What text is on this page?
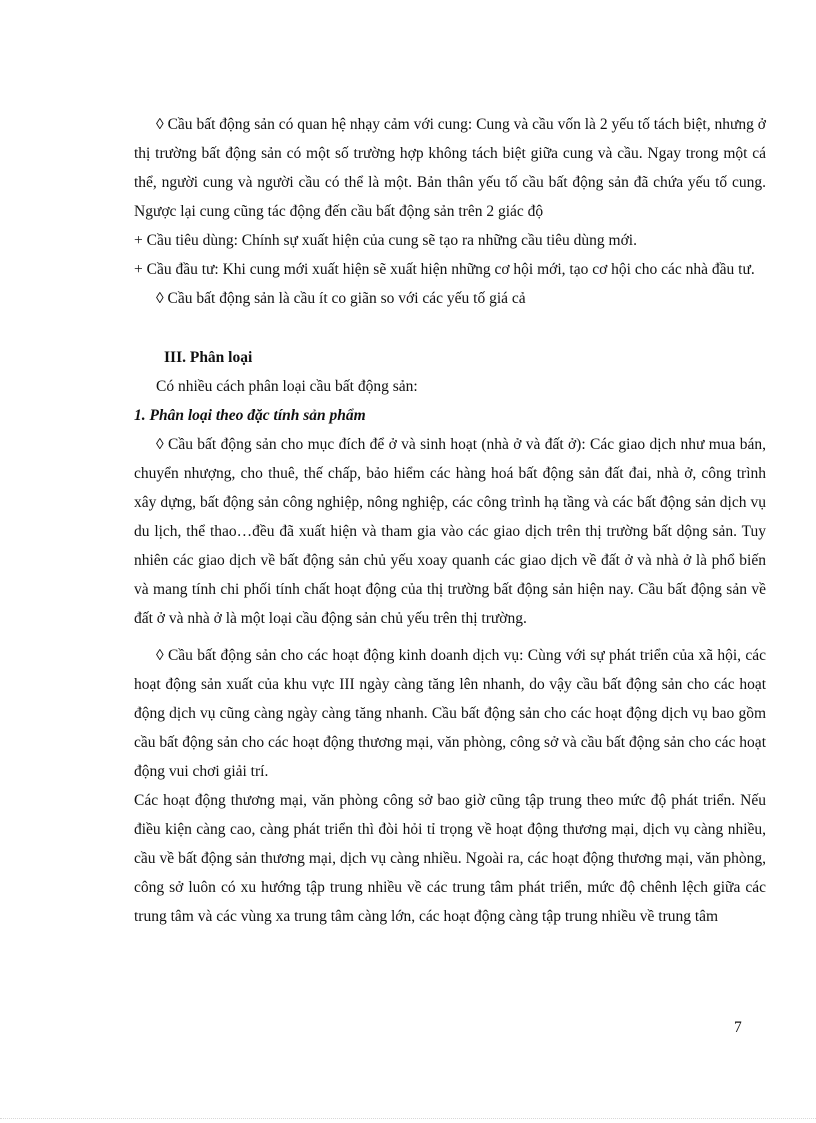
◊ Cầu bất động sản có quan hệ nhạy cảm với cung: Cung và cầu vốn là 2 yếu tố tách biệt, nhưng ở thị trường bất động sản có một số trường hợp không tách biệt giữa cung và cầu. Ngay trong một cá thể, người cung và người cầu có thể là một. Bản thân yếu tố cầu bất động sản đã chứa yếu tố cung. Ngược lại cung cũng tác động đến cầu bất động sản trên 2 giác độ

+ Cầu tiêu dùng: Chính sự xuất hiện của cung sẽ tạo ra những cầu tiêu dùng mới.

+ Cầu đầu tư: Khi cung mới xuất hiện sẽ xuất hiện những cơ hội mới, tạo cơ hội cho các nhà đầu tư.

◊ Cầu bất động sản là cầu ít co giãn so với các yếu tố giá cả

III. Phân loại

Có nhiều cách phân loại cầu bất động sản:

1. Phân loại theo đặc tính sản phẩm

◊ Cầu bất động sản cho mục đích để ở và sinh hoạt (nhà ở và đất ở): Các giao dịch như mua bán, chuyển nhượng, cho thuê, thế chấp, bảo hiểm các hàng hoá bất động sản đất đai, nhà ở, công trình xây dựng, bất động sản công nghiệp, nông nghiệp, các công trình hạ tầng và các bất động sản dịch vụ du lịch, thể thao…đều đã xuất hiện và tham gia vào các giao dịch trên thị trường bất dộng sản. Tuy nhiên các giao dịch về bất động sản chủ yếu xoay quanh các giao dịch về đất ở và nhà ở là phổ biến và mang tính chi phối tính chất hoạt động của thị trường bất động sản hiện nay. Cầu bất động sản về đất ở và nhà ở là một loại cầu động sản chủ yếu trên thị trường.

◊ Cầu bất động sản cho các hoạt động kinh doanh dịch vụ: Cùng với sự phát triển của xã hội, các hoạt động sản xuất của khu vực III ngày càng tăng lên nhanh, do vậy cầu bất động sản cho các hoạt động dịch vụ cũng càng ngày càng tăng nhanh. Cầu bất động sản cho các hoạt động dịch vụ bao gồm cầu bất động sản cho các hoạt động thương mại, văn phòng, công sở và cầu bất động sản cho các hoạt động vui chơi giải trí.

Các hoạt động thương mại, văn phòng công sở bao giờ cũng tập trung theo mức độ phát triển. Nếu điều kiện càng cao, càng phát triển thì đòi hỏi tỉ trọng về hoạt động thương mại, dịch vụ càng nhiều, cầu về bất động sản thương mại, dịch vụ càng nhiều. Ngoài ra, các hoạt động thương mại, văn phòng, công sở luôn có xu hướng tập trung nhiều về các trung tâm phát triển, mức độ chênh lệch giữa các trung tâm và các vùng xa trung tâm càng lớn, các hoạt động càng tập trung nhiều về trung tâm

7
